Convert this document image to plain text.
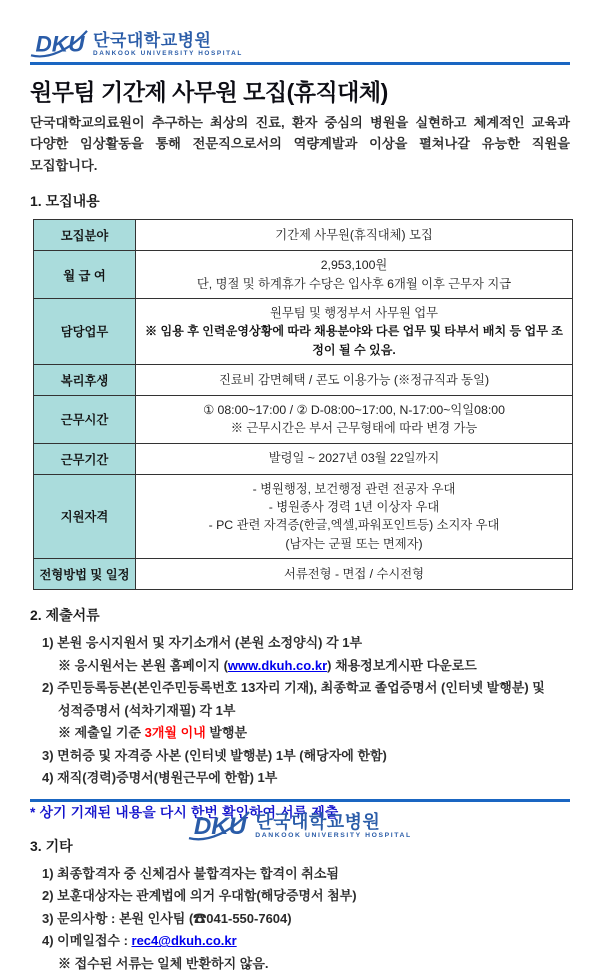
DKU 단국대학교병원
DANKOOK UNIVERSITY HOSPITAL
원무팀 기간제 사무원 모집(휴직대체)

단국대학교의료원이 추구하는 최상의 진료, 환자 중심의 병원을 실현하고 체계적인 교육과 다양한 임상활동을 통해 전문직으로서의 역량계발과 이상을 펼쳐나갈 유능한 직원을 모집합니다.

1. 모집내용
모집분야	기간제 사무원(휴직대체) 모집

월 급 여	2,953,100원
단, 명절 및 하계휴가 수당은 입사후 6개월 이후 근무자 지급

담당업무	원무팀 및 행정부서 사무원 업무
※ 임용 후 인력운영상황에 따라 채용분야와 다른 업무 및 타부서 배치 등 업무 조정이 될 수 있음.

복리후생	진료비 감면혜택 / 콘도 이용가능 (※정규직과 동일)

근무시간	① 08:00~17:00 / ② D-08:00~17:00, N-17:00~익일08:00
※ 근무시간은 부서 근무형태에 따라 변경 가능

근무기간	발령일 ~ 2027년 03월 22일까지

지원자격	- 병원행정, 보건행정 관련 전공자 우대
- 병원종사 경력 1년 이상자 우대
- PC 관련 자격증(한글,엑셀,파워포인트등) 소지자 우대
(남자는 군필 또는 면제자)

전형방법 및 일정	서류전형 - 면접 / 수시전형
2. 제출서류
1) 본원 응시지원서 및 자기소개서 (본원 소정양식) 각 1부
※ 응시원서는 본원 홈페이지 (www.dkuh.co.kr) 채용정보게시판 다운로드
2) 주민등록등본(본인주민등록번호 13자리 기재), 최종학교 졸업증명서 (인터넷 발행분) 및
성적증명서 (석차기재필) 각 1부
※ 제출일 기준 3개월 이내 발행분
3) 면허증 및 자격증 사본 (인터넷 발행분) 1부 (해당자에 한함)
4) 재직(경력)증명서(병원근무에 한함) 1부
* 상기 기재된 내용을 다시 한번 확인하여 서류 제출
3. 기타
1) 최종합격자 중 신체검사 불합격자는 합격이 취소됨
2) 보훈대상자는 관계법에 의거 우대함(해당증명서 첨부)
3) 문의사항 : 본원 인사팀 (☎041-550-7604)
4) 이메일접수 : rec4@dkuh.co.kr
※ 접수된 서류는 일체 반환하지 않음.
DKU 단국대학교병원
DANKOOK UNIVERSITY HOSPITAL
